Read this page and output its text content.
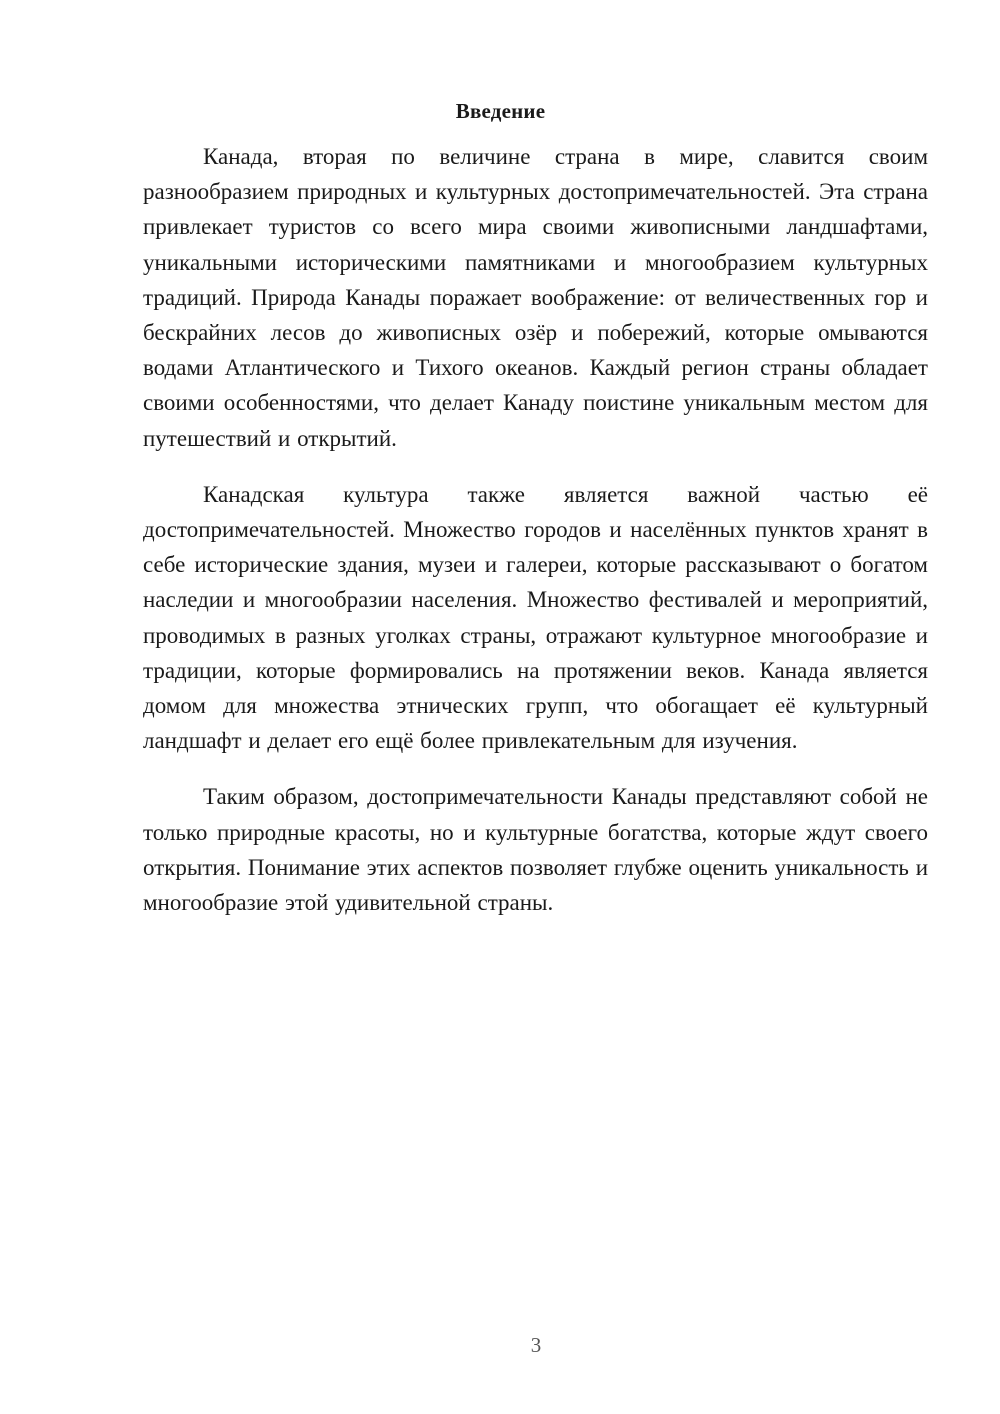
Введение

Канада, вторая по величине страна в мире, славится своим разнообразием природных и культурных достопримечательностей. Эта страна привлекает туристов со всего мира своими живописными ландшафтами, уникальными историческими памятниками и многообразием культурных традиций. Природа Канады поражает воображение: от величественных гор и бескрайних лесов до живописных озёр и побережий, которые омываются водами Атлантического и Тихого океанов. Каждый регион страны обладает своими особенностями, что делает Канаду поистине уникальным местом для путешествий и открытий.

Канадская культура также является важной частью её достопримечательностей. Множество городов и населённых пунктов хранят в себе исторические здания, музеи и галереи, которые рассказывают о богатом наследии и многообразии населения. Множество фестивалей и мероприятий, проводимых в разных уголках страны, отражают культурное многообразие и традиции, которые формировались на протяжении веков. Канада является домом для множества этнических групп, что обогащает её культурный ландшафт и делает его ещё более привлекательным для изучения.

Таким образом, достопримечательности Канады представляют собой не только природные красоты, но и культурные богатства, которые ждут своего открытия. Понимание этих аспектов позволяет глубже оценить уникальность и многообразие этой удивительной страны.

3
